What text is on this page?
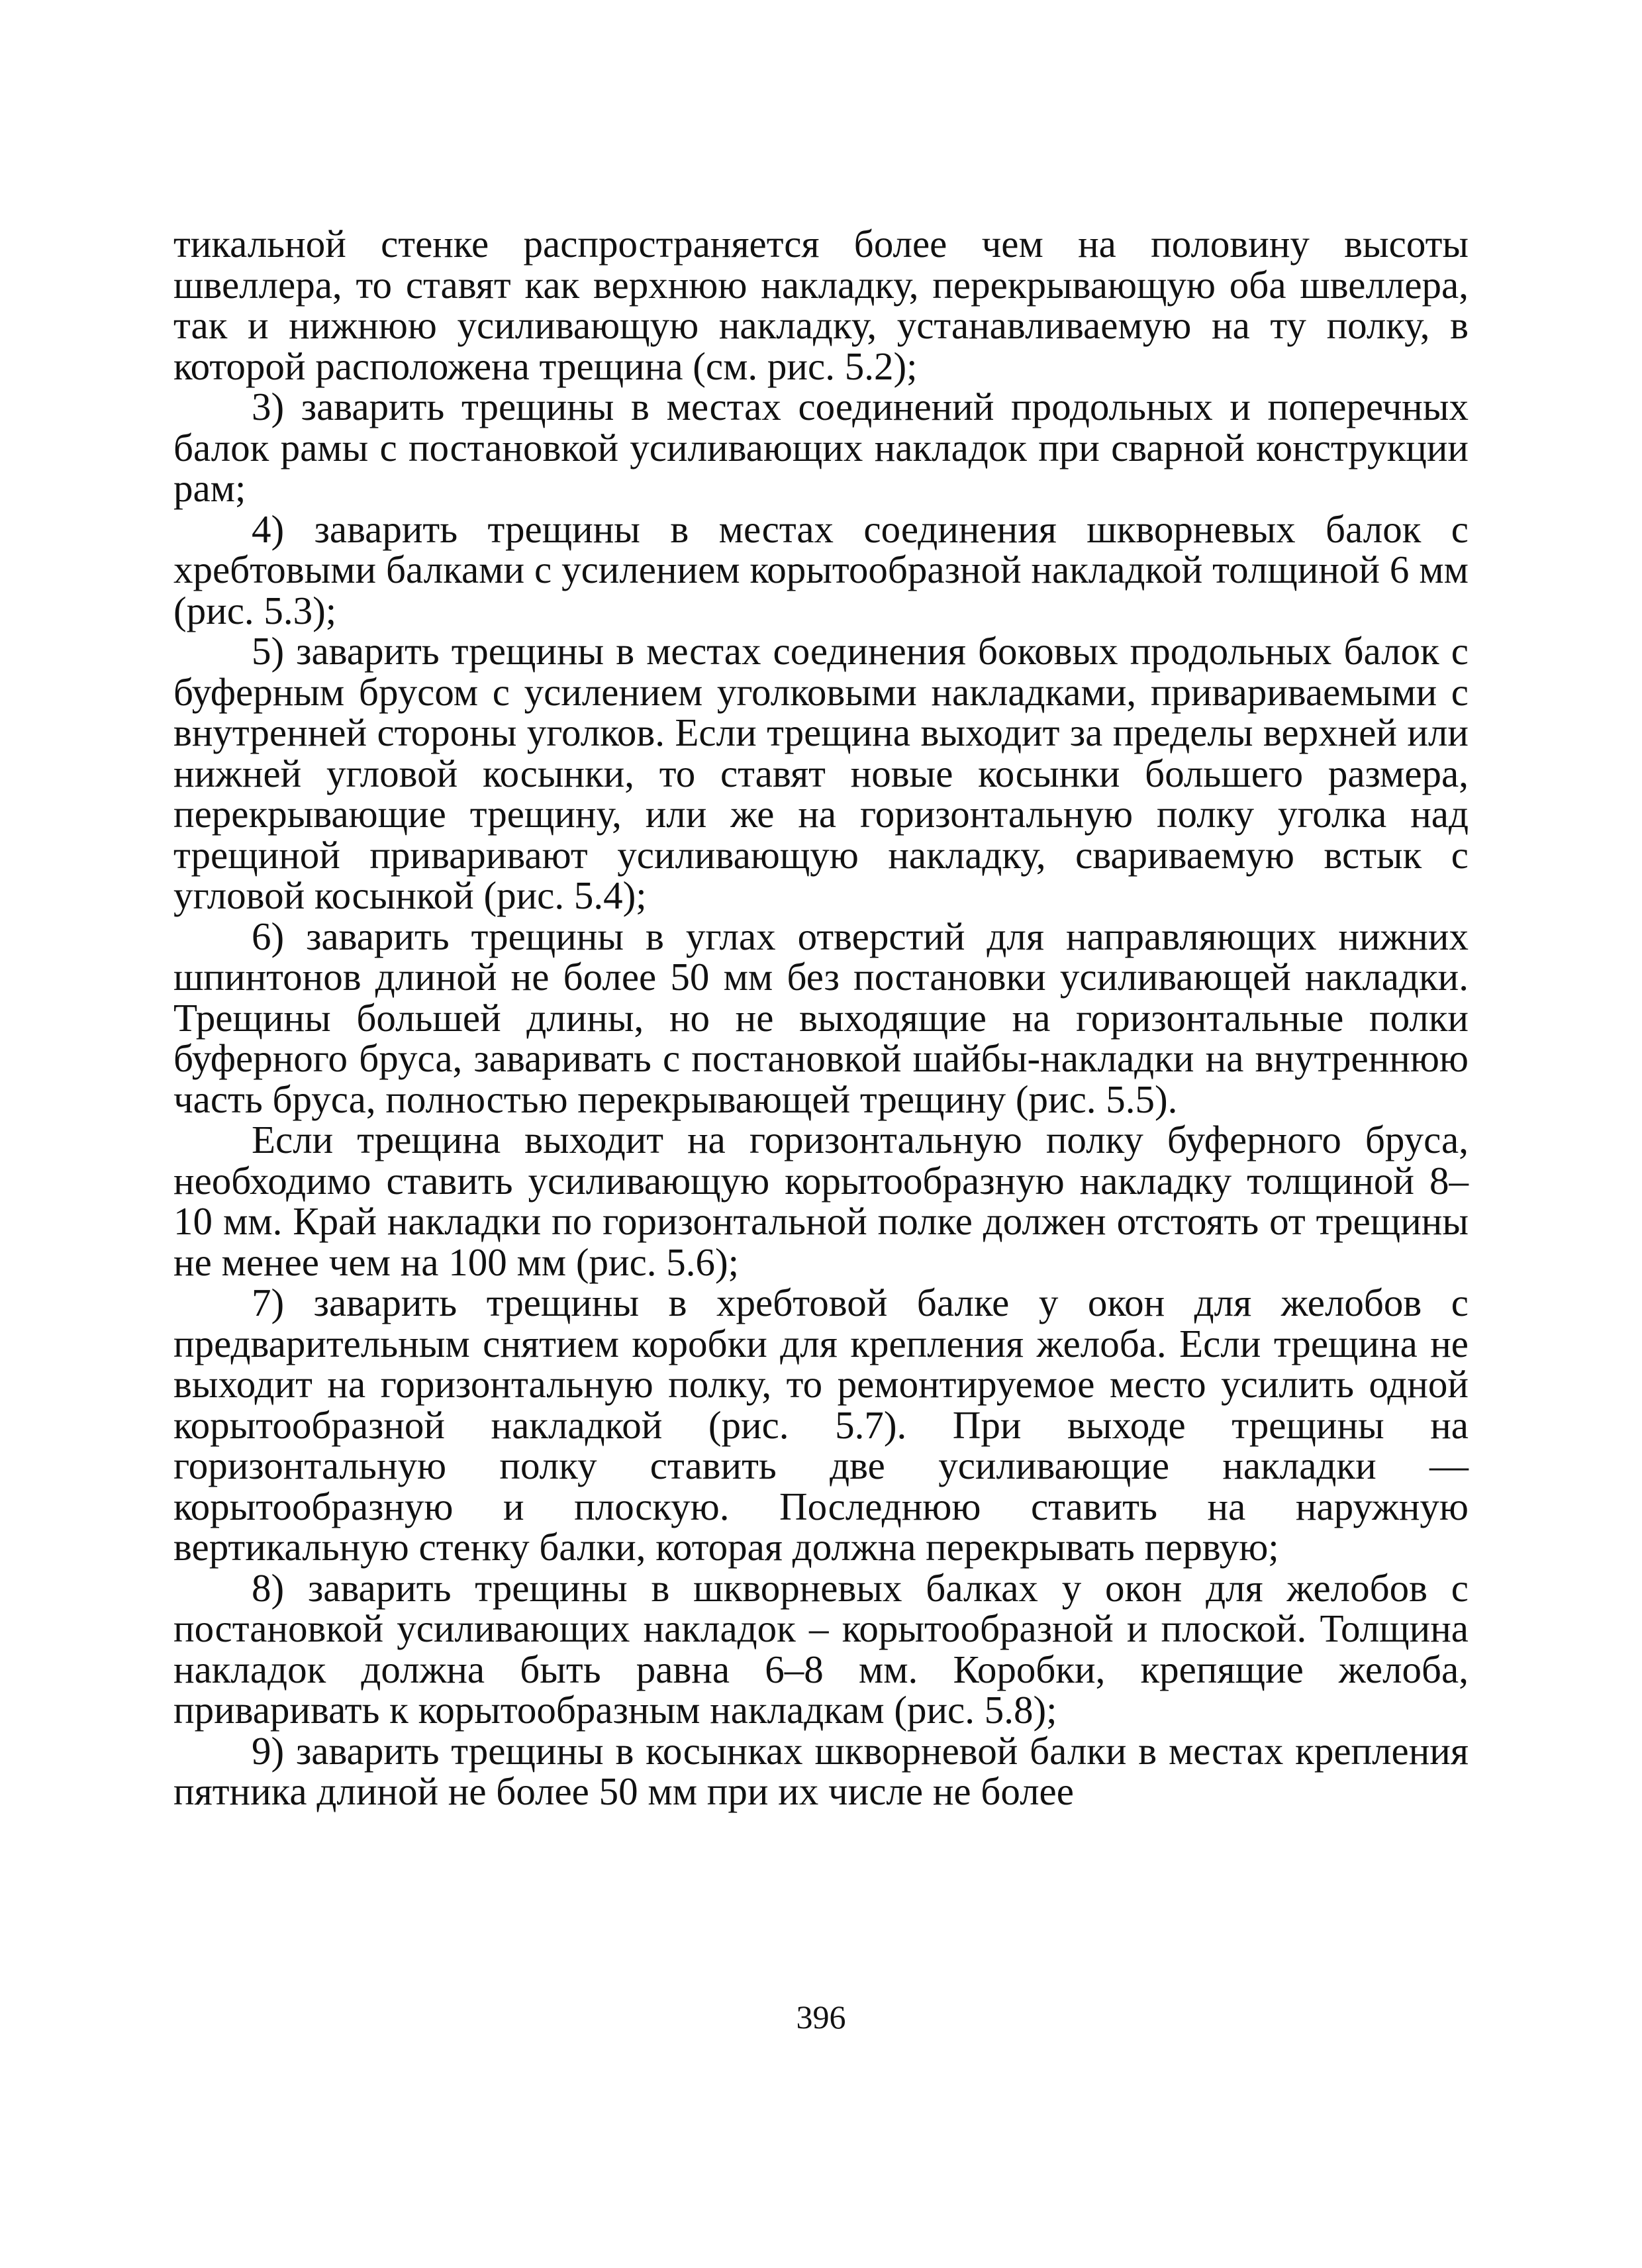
тикальной стенке распространяется более чем на половину высоты швеллера, то ставят как верхнюю накладку, перекрывающую оба швеллера, так и нижнюю усиливающую накладку, устанавливаемую на ту полку, в которой расположена трещина (см. рис. 5.2);

3) заварить трещины в местах соединений продольных и поперечных балок рамы с постановкой усиливающих накладок при сварной конструкции рам;

4) заварить трещины в местах соединения шкворневых балок с хребтовыми балками с усилением корытообразной накладкой толщиной 6 мм (рис. 5.3);

5) заварить трещины в местах соединения боковых продольных балок с буферным брусом с усилением уголковыми накладками, привариваемыми с внутренней стороны уголков. Если трещина выходит за пределы верхней или нижней угловой косынки, то ставят новые косынки большего размера, перекрывающие трещину, или же на горизонтальную полку уголка над трещиной приваривают усиливающую накладку, свариваемую встык с угловой косынкой (рис. 5.4);

6) заварить трещины в углах отверстий для направляющих нижних шпинтонов длиной не более 50 мм без постановки усиливающей накладки. Трещины большей длины, но не выходящие на горизонтальные полки буферного бруса, заваривать с постановкой шайбы-накладки на внутреннюю часть бруса, полностью перекрывающей трещину (рис. 5.5).

Если трещина выходит на горизонтальную полку буферного бруса, необходимо ставить усиливающую корытообразную накладку толщиной 8–10 мм. Край накладки по горизонтальной полке должен отстоять от трещины не менее чем на 100 мм (рис. 5.6);

7) заварить трещины в хребтовой балке у окон для желобов с предварительным снятием коробки для крепления желоба. Если трещина не выходит на горизонтальную полку, то ремонтируемое место усилить одной корытообразной накладкой (рис. 5.7). При выходе трещины на горизонтальную полку ставить две усиливающие накладки — корытообразную и плоскую. Последнюю ставить на наружную вертикальную стенку балки, которая должна перекрывать первую;

8) заварить трещины в шкворневых балках у окон для желобов с постановкой усиливающих накладок – корытообразной и плоской. Толщина накладок должна быть равна 6–8 мм. Коробки, крепящие желоба, приваривать к корытообразным накладкам (рис. 5.8);

9) заварить трещины в косынках шкворневой балки в местах крепления пятника длиной не более 50 мм при их числе не более

396
